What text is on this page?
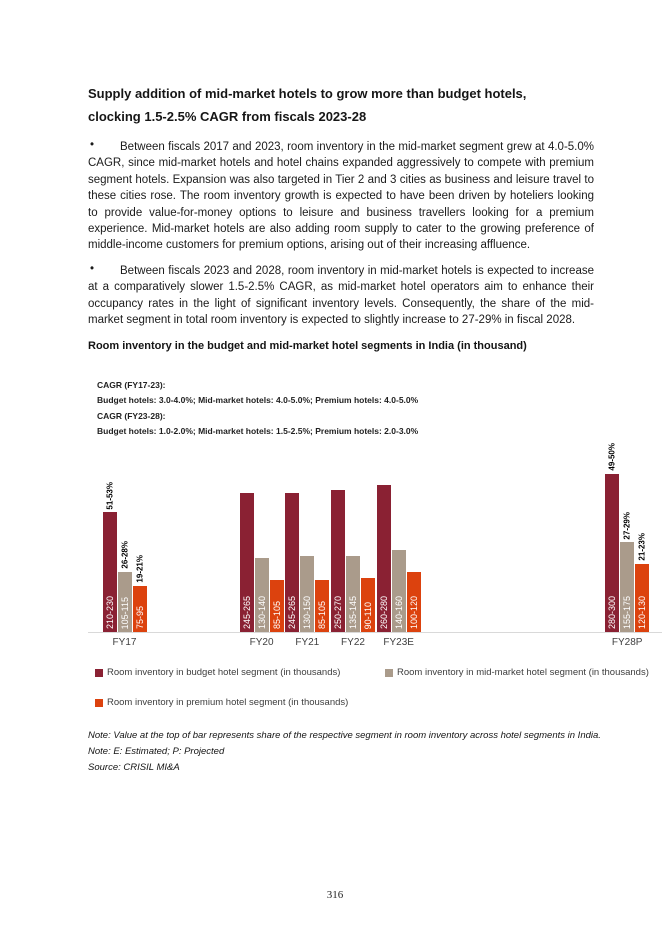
Supply addition of mid-market hotels to grow more than budget hotels,
clocking 1.5-2.5% CAGR from fiscals 2023-28
•	Between fiscals 2017 and 2023, room inventory in the mid-market segment grew at 4.0-5.0% CAGR, since mid-market hotels and hotel chains expanded aggressively to compete with premium segment hotels. Expansion was also targeted in Tier 2 and 3 cities as business and leisure travel to these cities rose. The room inventory growth is expected to have been driven by hoteliers looking to provide value-for-money options to leisure and business travellers looking for a premium experience. Mid-market hotels are also adding room supply to cater to the growing preference of middle-income customers for premium options, arising out of their increasing affluence.

•	Between fiscals 2023 and 2028, room inventory in mid-market hotels is expected to increase at a comparatively slower 1.5-2.5% CAGR, as mid-market hotel operators aim to enhance their occupancy rates in the light of significant inventory levels. Consequently, the share of the mid-market segment in total room inventory is expected to slightly increase to 27-29% in fiscal 2028.

Room inventory in the budget and mid-market hotel segments in India (in thousand)
CAGR (FY17-23):
Budget hotels: 3.0-4.0%; Mid-market hotels: 4.0-5.0%; Premium hotels: 4.0-5.0%
CAGR (FY23-28):
Budget hotels: 1.0-2.0%; Mid-market hotels: 1.5-2.5%; Premium hotels: 2.0-3.0%
210-230
51-53%
105-115
26-28%
75-95
19-21%
FY17
245-265 130-140 85-105
FY20
245-265 130-150 85-105
FY21
250-270 135-145 90-110
FY22
260-280 140-160 100-120
FY23E
280-300
49-50%
155-175
27-29%
120-130
21-23%
FY28P
Room inventory in budget hotel segment (in thousands)	Room inventory in mid-market hotel segment (in thousands)
Room inventory in premium hotel segment (in thousands)
Note: Value at the top of bar represents share of the respective segment in room inventory across hotel segments in India.
Note: E: Estimated; P: Projected
Source: CRISIL MI&A
316
